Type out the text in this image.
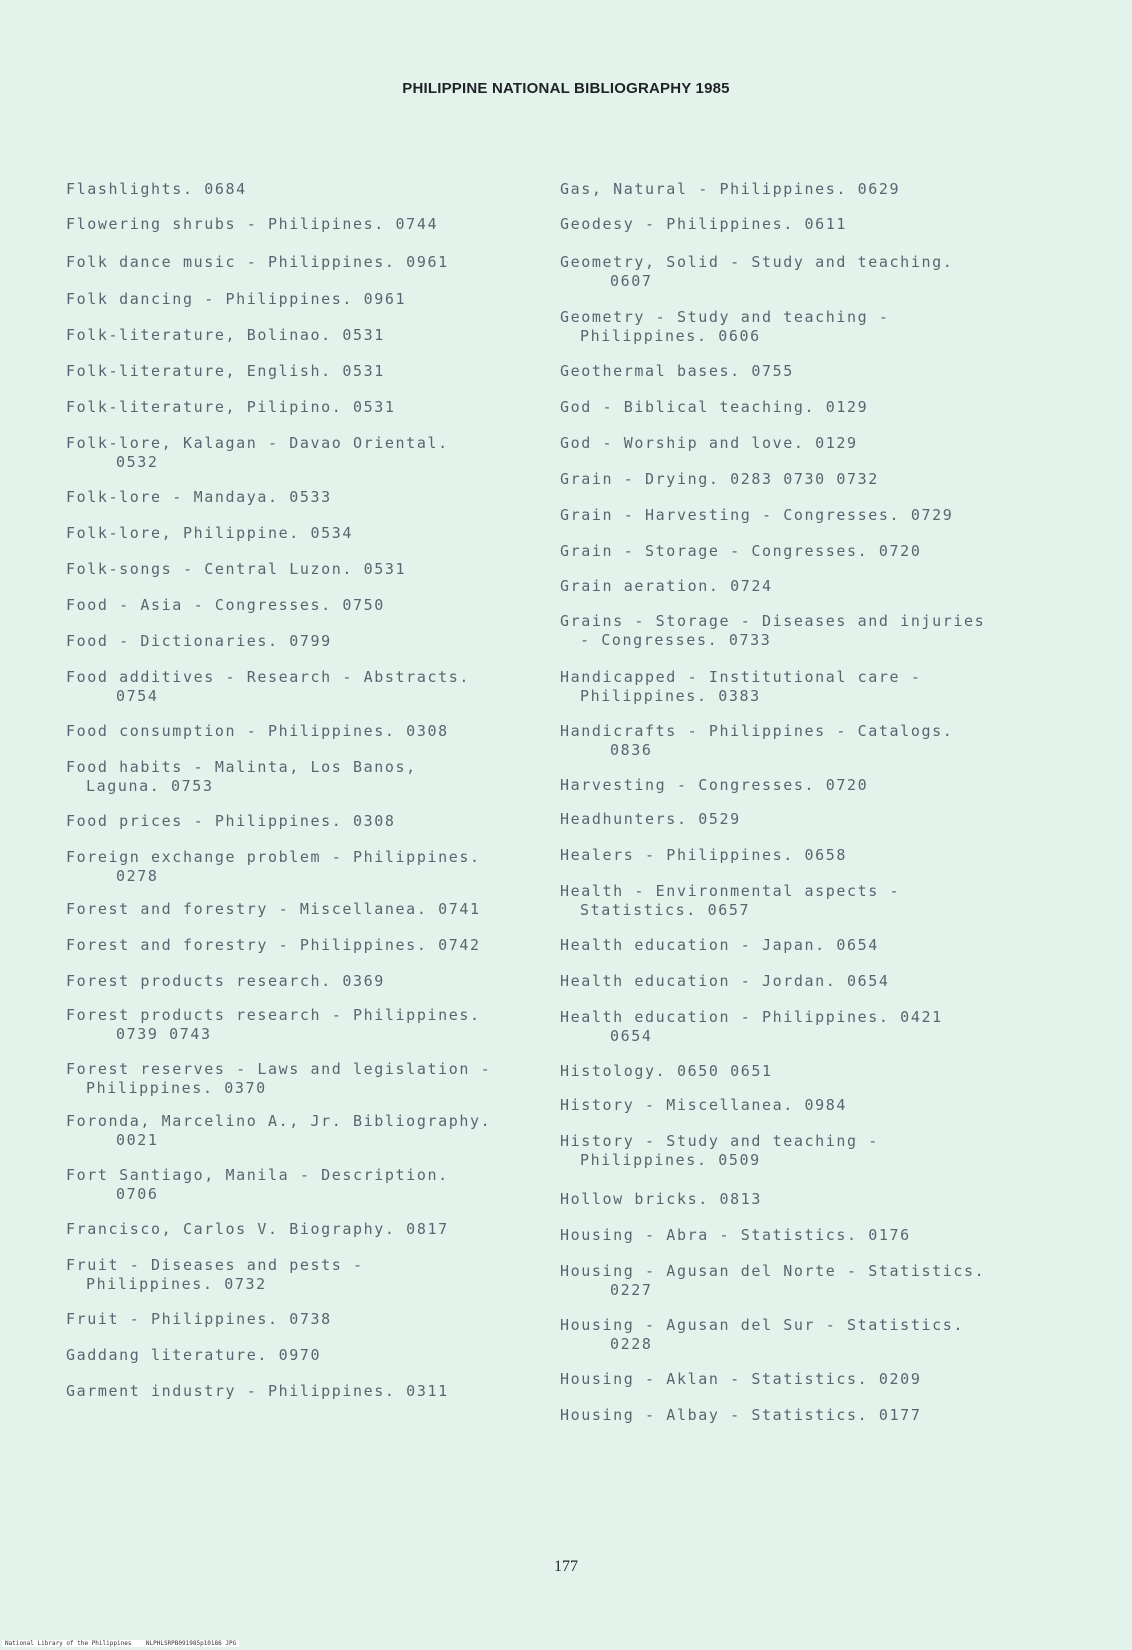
PHILIPPINE NATIONAL BIBLIOGRAPHY 1985
Flashlights. 0684
Flowering shrubs - Philipines. 0744
Folk dance music - Philippines. 0961
Folk dancing - Philippines. 0961
Folk-literature, Bolinao. 0531
Folk-literature, English. 0531
Folk-literature, Pilipino. 0531
Folk-lore, Kalagan - Davao Oriental.
0532
Folk-lore - Mandaya. 0533
Folk-lore, Philippine. 0534
Folk-songs - Central Luzon. 0531
Food - Asia - Congresses. 0750
Food - Dictionaries. 0799
Food additives - Research - Abstracts.
0754
Food consumption - Philippines. 0308
Food habits - Malinta, Los Banos,
Laguna. 0753
Food prices - Philippines. 0308
Foreign exchange problem - Philippines.
0278
Forest and forestry - Miscellanea. 0741
Forest and forestry - Philippines. 0742
Forest products research. 0369
Forest products research - Philippines.
0739 0743
Forest reserves - Laws and legislation -
Philippines. 0370
Foronda, Marcelino A., Jr. Bibliography.
0021
Fort Santiago, Manila - Description.
0706
Francisco, Carlos V. Biography. 0817
Fruit - Diseases and pests -
Philippines. 0732
Fruit - Philippines. 0738
Gaddang literature. 0970
Garment industry - Philippines. 0311
Gas, Natural - Philippines. 0629
Geodesy - Philippines. 0611
Geometry, Solid - Study and teaching.
0607
Geometry - Study and teaching -
Philippines. 0606
Geothermal bases. 0755
God - Biblical teaching. 0129
God - Worship and love. 0129
Grain - Drying. 0283 0730 0732
Grain - Harvesting - Congresses. 0729
Grain - Storage - Congresses. 0720
Grain aeration. 0724
Grains - Storage - Diseases and injuries
- Congresses. 0733
Handicapped - Institutional care -
Philippines. 0383
Handicrafts - Philippines - Catalogs.
0836
Harvesting - Congresses. 0720
Headhunters. 0529
Healers - Philippines. 0658
Health - Environmental aspects -
Statistics. 0657
Health education - Japan. 0654
Health education - Jordan. 0654
Health education - Philippines. 0421
0654
Histology. 0650 0651
History - Miscellanea. 0984
History - Study and teaching -
Philippines. 0509
Hollow bricks. 0813
Housing - Abra - Statistics. 0176
Housing - Agusan del Norte - Statistics.
0227
Housing - Agusan del Sur - Statistics.
0228
Housing - Aklan - Statistics. 0209
Housing - Albay - Statistics. 0177
177
National Library of the Philippines    NLPHLSRPB091985p10186 JPG
